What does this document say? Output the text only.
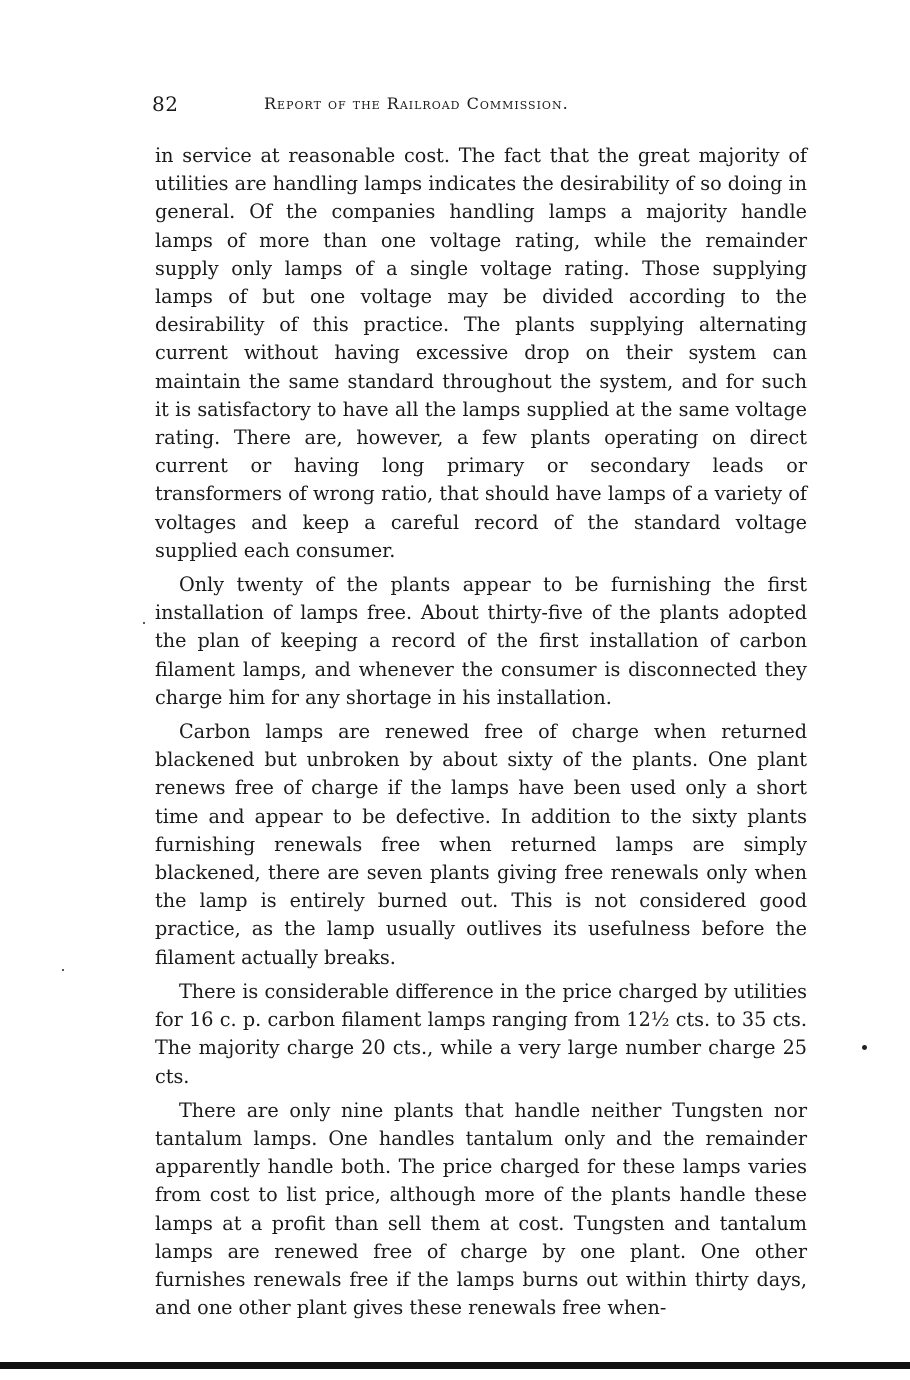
82	Report of the Railroad Commission.

in service at reasonable cost. The fact that the great majority of utilities are handling lamps indicates the desirability of so doing in general. Of the companies handling lamps a majority handle lamps of more than one voltage rating, while the remainder supply only lamps of a single voltage rating. Those supplying lamps of but one voltage may be divided according to the desirability of this practice. The plants supplying alternating current without having excessive drop on their system can maintain the same standard throughout the system, and for such it is satisfactory to have all the lamps supplied at the same voltage rating. There are, however, a few plants operating on direct current or having long primary or secondary leads or transformers of wrong ratio, that should have lamps of a variety of voltages and keep a careful record of the standard voltage supplied each consumer.

Only twenty of the plants appear to be furnishing the first installation of lamps free. About thirty-five of the plants adopted the plan of keeping a record of the first installation of carbon filament lamps, and whenever the consumer is disconnected they charge him for any shortage in his installation.

Carbon lamps are renewed free of charge when returned blackened but unbroken by about sixty of the plants. One plant renews free of charge if the lamps have been used only a short time and appear to be defective. In addition to the sixty plants furnishing renewals free when returned lamps are simply blackened, there are seven plants giving free renewals only when the lamp is entirely burned out. This is not considered good practice, as the lamp usually outlives its usefulness before the filament actually breaks.

There is considerable difference in the price charged by utilities for 16 c. p. carbon filament lamps ranging from 12½ cts. to 35 cts. The majority charge 20 cts., while a very large number charge 25 cts.

There are only nine plants that handle neither Tungsten nor tantalum lamps. One handles tantalum only and the remainder apparently handle both. The price charged for these lamps varies from cost to list price, although more of the plants handle these lamps at a profit than sell them at cost. Tungsten and tantalum lamps are renewed free of charge by one plant. One other furnishes renewals free if the lamps burns out within thirty days, and one other plant gives these renewals free when-
